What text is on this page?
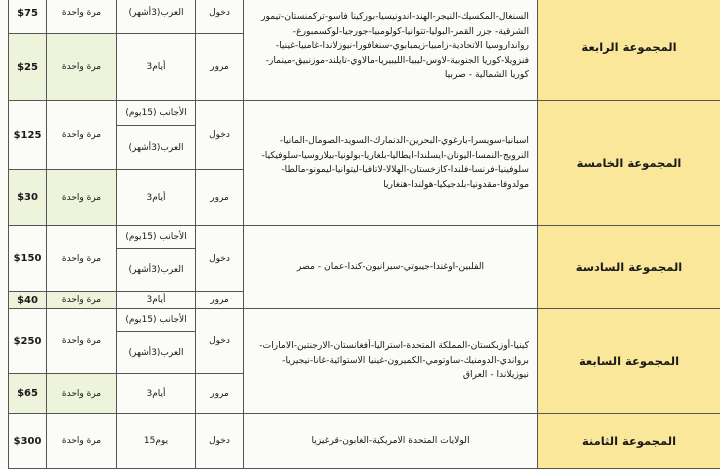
$75	مرة واحدة	العرب(3أشهر)	دخول	السنغال-المكسيك-النيجر-الهند-اندونيسيا-بوركينا فاسو-تركمنستان-تيمور الشرقية- جزر القمر-البوليا-تتوانيا-كولومبيا-جورجيا-لوكسمبورغ-روانداروسيا الاتحادية-زامبيا-زيمبابوي-سنغافورا-نيوزلاندا-غامبيا-غينيا-فنزويلا-كوريا الجنوبية-لاوس-ليبيا-الليبيريا-مالاوي-تايلند-موزنبيق-مينمار-كوريا الشمالية - صربيا	المجموعة الرابعة
$25	مرة واحدة	3أيام	مرور		
$125	مرة واحدة	الأجانب (15يوم)	دخول	اسبانيا-سويسرا-بارغوي-البحرين-الدنمارك-السويد-الصومال-المانيا-النرويج-النمسا-اليونان-ايسلندا-ايطاليا-بلغاريا-بولونيا-بيلاروسيا-سلوفيكيا-سلوفينيا-فرنسا-فلندا-كازخستان-الهلالا-لاتافيا-ليتوانيا-ليمونو-مالطا-مولدوفا-مقدونيا-بلدجيكيا-هولندا-هنغاريا	المجموعة الخامسة
		العرب(3أشهر)			
$30	مرة واحدة	3أيام	مرور		
$150	مرة واحدة	الأجانب (15يوم)	دخول	الفلبين-اوغندا-جيبوتي-سيرانيون-كندا-عمان - مصر	المجموعة السادسة
		العرب(3أشهر)			
$40	مرة واحدة	3أيام	مرور		
$250	مرة واحدة	الأجانب (15يوم)	دخول	كينيا-أوزبكستان-المملكة المتحدة-استراليا-أفغانستان-الارجنتين-الامارات-برواندي-الدومنيك-ساوتومي-الكميرون-غينيا الاستوائية-غانا-نيجيريا-نيوزيلاندا - العراق	المجموعة السابعة
		العرب(3أشهر)			
$65	مرة واحدة	3أيام	مرور		
$300	مرة واحدة	15يوم	دخول	الولايات المتحدة الامريكية-الغابون-قرغيزيا	المجموعة الثامنة
